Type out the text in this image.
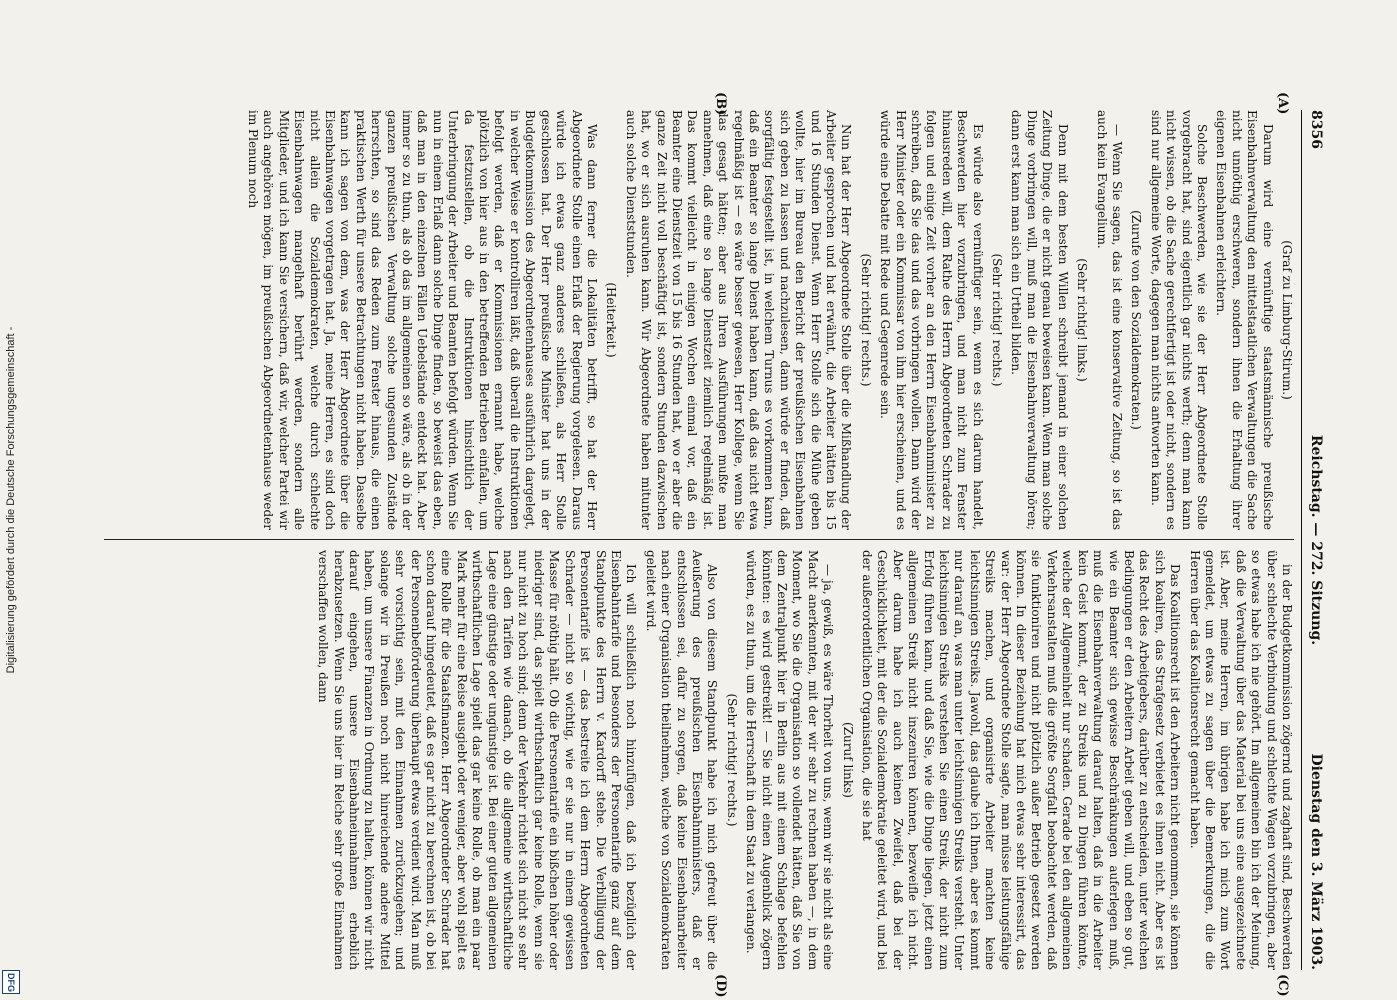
Digitalisierung gefördert durch die Deutsche Forschungsgemeinschaft -
DFG
8356
Reichstag. — 272. Sitzung.
Dienstag den 3. März 1903.
(A)
(B)
(C)
(D)

(Graf zu Limburg-Stirum.)

Darum wird eine vernünftige staatsmännische preußische Eisenbahnverwaltung den mittelstaatlichen Verwaltungen die Sache nicht unnöthig erschweren, sondern ihnen die Erhaltung ihrer eigenen Eisenbahnen erleichtern.

Solche Beschwerden, wie sie der Herr Abgeordnete Stolle vorgebracht hat, sind eigentlich gar nichts werth; denn man kann nicht wissen, ob die Sache gerechtfertigt ist oder nicht, sondern es sind nur allgemeine Worte, dagegen man nichts antworten kann.

(Zurufe von den Sozialdemokraten.)

— Wenn Sie sagen, das ist eine konservative Zeitung, so ist das auch kein Evangelium.

(Sehr richtig! links.)

Denn mit dem besten Willen schreibt jemand in einer solchen Zeitung Dinge, die er nicht genau beweisen kann. Wenn man solche Dinge vorbringen will, muß man die Eisenbahnverwaltung hören; dann erst kann man sich ein Urtheil bilden.

(Sehr richtig! rechts.)

Es würde also vernünftiger sein, wenn es sich darum handelt, Beschwerden hier vorzubringen, und man nicht zum Fenster hinausreden will, dem Rathe des Herrn Abgeordneten Schrader zu folgen und einige Zeit vorher an den Herrn Eisenbahnminister zu schreiben, daß Sie das und das vorbringen wollen. Dann wird der Herr Minister oder ein Kommissar von ihm hier erscheinen, und es würde eine Debatte mit Rede und Gegenrede sein.

(Sehr richtig! rechts.)

Nun hat der Herr Abgeordnete Stolle über die Mißhandlung der Arbeiter gesprochen und hat erwähnt, die Arbeiter hätten bis 15 und 16 Stunden Dienst. Wenn Herr Stolle sich die Mühe geben wollte, hier im Bureau den Bericht der preußischen Eisenbahnen sich geben zu lassen und nachzulesen, dann würde er finden, daß sorgfältig festgestellt ist, in welchem Turnus es vorkommen kann, daß ein Beamter so lange Dienst haben kann, daß das nicht etwa regelmäßig ist — es wäre besser gewesen, Herr Kollege, wenn Sie das gesagt hätten; aber aus Ihren Ausführungen mußte man annehmen, daß eine so lange Dienstzeit ziemlich regelmäßig ist. Das kommt vielleicht in einigen Wochen einmal vor, daß ein Beamter eine Dienstzeit von 15 bis 16 Stunden hat, wo er aber die ganze Zeit nicht voll beschäftigt ist, sondern Stunden dazwischen hat, wo er sich ausruhen kann. Wir Abgeordnete haben mitunter auch solche Dienststunden.

(Heiterkeit.)

Was dann ferner die Lokalitäten betrifft, so hat der Herr Abgeordnete Stolle einen Erlaß der Regierung vorgelesen. Daraus würde ich etwas ganz anderes schließen, als Herr Stolle geschlossen hat. Der Herr preußische Minister hat uns in der Budgetkommission des Abgeordnetenhauses ausführlich dargelegt, in welcher Weise er kontrolliren läßt, daß überall die Instruktionen befolgt werden, daß er Kommissionen ernannt habe, welche plötzlich von hier aus in den betreffenden Betrieben einfallen, um da festzustellen, ob die Instruktionen hinsichtlich der Unterbringung der Arbeiter und Beamten befolgt würden. Wenn Sie nun in einem Erlaß dann solche Dinge finden, so beweist das eben, daß man in den einzelnen Fällen Uebelstände entdeckt hat. Aber immer so zu thun, als ob das im allgemeinen so wäre, als ob in der ganzen preußischen Verwaltung solche ungesunden Zustände herrschten, so sind das Reden zum Fenster hinaus, die einen praktischen Werth für unsere Betrachtungen nicht haben. Dasselbe kann ich sagen von dem, was der Herr Abgeordnete über die Eisenbahnwagen vorgetragen hat. Ja, meine Herren, es sind doch nicht allein die Sozialdemokraten, welche durch schlechte Eisenbahnwagen mangelhaft berührt werden, sondern alle Mitglieder, und ich kann Sie versichern, daß wir, welcher Partei wir auch angehören mögen, im preußischen Abgeordnetenhause weder im Plenum noch

in der Budgetkommission zögernd und zaghaft sind, Beschwerden über schlechte Verbindung und schlechte Wagen vorzubringen, aber so etwas habe ich nie gehört. Im allgemeinen bin ich der Meinung, daß die Verwaltung über das Material bei uns eine ausgezeichnete ist. Aber, meine Herren, im übrigen habe ich mich zum Wort gemeldet, um etwas zu sagen über die Bemerkungen, die die Herren über das Koalitionsrecht gemacht haben.

Das Koalitionsrecht ist den Arbeitern nicht genommen, sie können sich koaliren, das Strafgesetz verbietet es ihnen nicht. Aber es ist das Recht des Arbeitgebers, darüber zu entscheiden, unter welchen Bedingungen er den Arbeitern Arbeit geben will, und eben so gut, wie ein Beamter sich gewisse Beschränkungen auferlegen muß, muß die Eisenbahnverwaltung darauf halten, daß in die Arbeiter kein Geist kommt, der zu Streiks und zu Dingen führen könnte, welche der Allgemeinheit nur schaden. Gerade bei den allgemeinen Verkehrsanstalten muß die größte Sorgfalt beobachtet werden, daß sie funktioniren und nicht plötzlich außer Betrieb gesetzt werden können. In dieser Beziehung hat mich etwas sehr interessirt, das war: der Herr Abgeordnete Stolle sagte, man müsse leistungsfähige Streiks machen, und organisirte Arbeiter machten keine leichtsinnigen Streiks. Jawohl, das glaube ich Ihnen, aber es kommt nur darauf an, was man unter leichtsinnigen Streiks versteht. Unter leichtsinnigen Streiks verstehen Sie einen Streik, der nicht zum Erfolg führen kann, und daß Sie, wie die Dinge liegen, jetzt einen allgemeinen Streik nicht inszeniren können, bezweifle ich nicht. Aber darum habe ich auch keinen Zweifel, daß bei der Geschicklichkeit, mit der die Sozialdemokratie geleitet wird, und bei der außerordentlichen Organisation, die sie hat

(Zuruf links)

— ja, gewiß, es wäre Thorheit von uns, wenn wir sie nicht als eine Macht anerkennten, mit der wir sehr zu rechnen haben —, in dem Moment, wo Sie die Organisation so vollendet hätten, daß Sie von dem Zentralpunkt hier in Berlin aus mit einem Schlage befehlen könnten: es wird gestreikt! — Sie nicht einen Augenblick zögern würden, es zu thun, um die Herrschaft in dem Staat zu verlangen.

(Sehr richtig! rechts.)

Also von diesem Standpunkt habe ich mich gefreut über die Aeußerung des preußischen Eisenbahnministers, daß er entschlossen sei, dafür zu sorgen, daß keine Eisenbahnarbeiter nach einer Organisation theilnehmen, welche von Sozialdemokraten geleitet wird.

Ich will schließlich noch hinzufügen, daß ich bezüglich der Eisenbahntarife und besonders der Personentarife ganz auf dem Standpunkte des Herrn v. Kardorff stehe. Die Verbilligung der Personentarife ist — das bestreite ich dem Herrn Abgeordneten Schrader — nicht so wichtig, wie er sie nur in einem gewissen Masse für nöthig hält. Ob die Personentarife ein bißchen höher oder niedriger sind, das spielt wirthschaftlich gar keine Rolle, wenn sie nur nicht zu hoch sind; denn der Verkehr richtet sich nicht so sehr nach den Tarifen wie danach, ob die allgemeine wirthschaftliche Lage eine günstige oder ungünstige ist. Bei einer guten allgemeinen wirthschaftlichen Lage spielt das gar keine Rolle, ob man ein paar Mark mehr für eine Reise ausgiebt oder weniger, aber wohl spielt es eine Rolle für die Staatsfinanzen. Herr Abgeordneter Schrader hat schon darauf hingedeutet, daß es gar nicht zu berechnen ist, ob bei der Personenbeförderung überhaupt etwas verdient wird. Man muß sehr vorsichtig sein, mit den Einnahmen zurückzugehen; und solange wir in Preußen noch nicht hinreichende andere Mittel haben, um unsere Finanzen in Ordnung zu halten, können wir nicht darauf eingehen, unsere Eisenbahneinnahmen erheblich herabzusetzen. Wenn Sie uns hier im Reiche sehr große Einnahmen verschaffen wollen, dann
